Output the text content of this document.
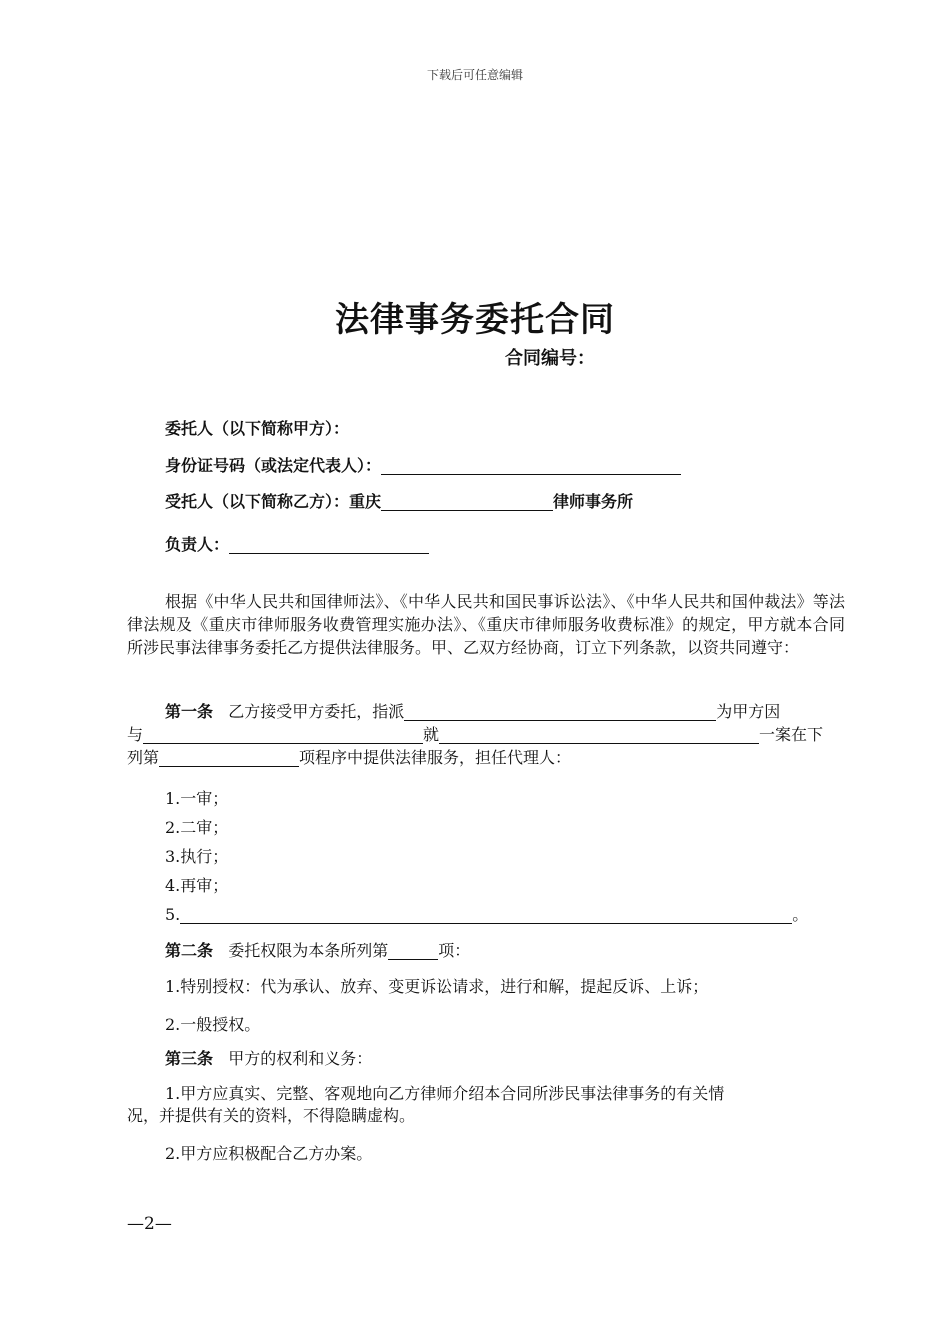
下载后可任意编辑
法律事务委托合同
合同编号：
委托人（以下简称甲方）：
身份证号码（或法定代表人）：
受托人（以下简称乙方）：重庆	律师事务所
负责人：
根据《中华人民共和国律师法》、《中华人民共和国民事诉讼法》、《中华人民共和国仲裁法》等法律法规及《重庆市律师服务收费管理实施办法》、《重庆市律师服务收费标准》的规定，甲方就本合同所涉民事法律事务委托乙方提供法律服务。甲、乙双方经协商，订立下列条款，以资共同遵守：
第一条 乙方接受甲方委托，指派	为甲方因
与	就	一案在下
列第	项程序中提供法律服务，担任代理人：
1.一审；
2.二审；
3.执行；
4.再审；
5.	。
第二条 委托权限为本条所列第	项：
1.特别授权：代为承认、放弃、变更诉讼请求，进行和解，提起反诉、上诉；
2.一般授权。
第三条 甲方的权利和义务：
1.甲方应真实、完整、客观地向乙方律师介绍本合同所涉民事法律事务的有关情
况，并提供有关的资料，不得隐瞒虚构。
2.甲方应积极配合乙方办案。
—2—
